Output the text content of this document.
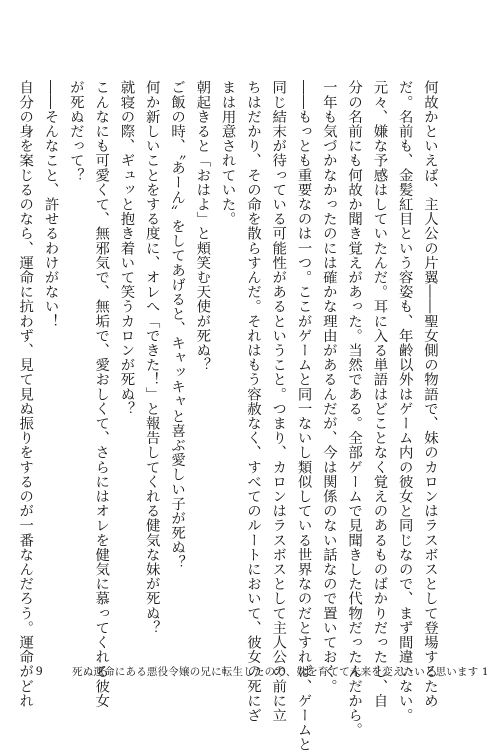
何故かといえば、主人公の片翼――聖女側の物語で、妹のカロンはラスボスとして登場するため
だ。名前も、金髪紅目という容姿も、年齢以外はゲーム内の彼女と同じなので、まず間違いない。
元々、嫌な予感はしていたんだ。耳に入る単語はどことなく覚えのあるものばかりだったし、自
分の名前にも何故か聞き覚えがあった。当然である。全部ゲームで見聞きした代物だったんだから。
一年も気づかなかったのには確かな理由があるんだが、今は関係のない話なので置いておく。
――もっとも重要なのは一つ。ここがゲームと同一ないし類似している世界なのだとすれば、ゲームと
同じ結末が待っている可能性があるということ。つまり、カロンはラスボスとして主人公の前に立
ちはだかり、その命を散らすんだ。それはもう容赦なく、すべてのルートにおいて、彼女の死にざ
まは用意されていた。
朝起きると「おはよ」と頬笑む天使が死ぬ？
ご飯の時、〝あーん〟をしてあげると、キャッキャと喜ぶ愛しい子が死ぬ？
何か新しいことをする度に、オレへ「できた！」と報告してくれる健気な妹が死ぬ？
就寝の際、ギュッと抱き着いて笑うカロンが死ぬ？
こんなにも可愛くて、無邪気で、無垢で、愛おしくて、さらにはオレを健気に慕ってくれる彼女
が死ぬだって？
――そんなこと、許せるわけがない！
自分の身を案じるのなら、運命に抗わず、見て見ぬ振りをするのが一番なんだろう。運命がどれ 9	死ぬ運命にある悪役令嬢の兄に転生したので、妹を育てて未来を変えたいと思います 1
